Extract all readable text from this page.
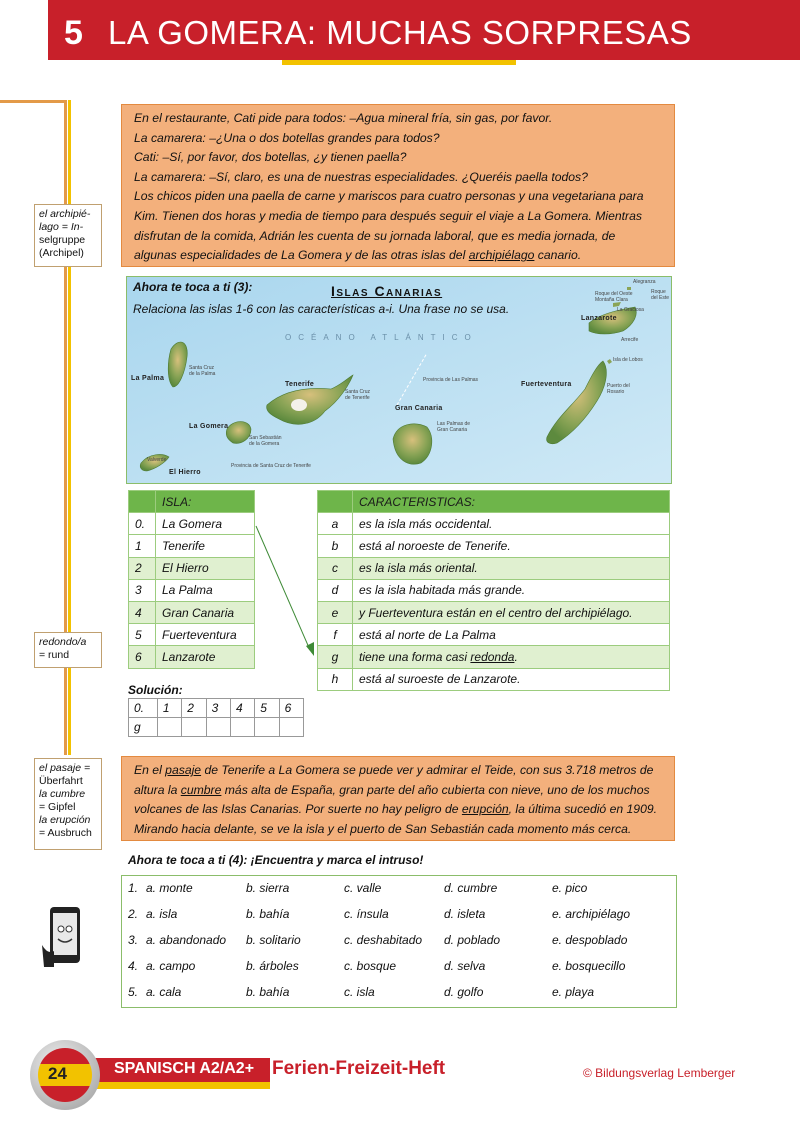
5 LA GOMERA: MUCHAS SORPRESAS
el archipié-
lago = In-
selgruppe
(Archipel)
redondo/a
= rund
el pasaje =
Überfahrt
la cumbre
= Gipfel
la erupción
= Ausbruch
En el restaurante, Cati pide para todos: –Agua mineral fría, sin gas, por favor.
La camarera: –¿Una o dos botellas grandes para todos?
Cati: –Sí, por favor, dos botellas, ¿y tienen paella?
La camarera: –Sí, claro, es una de nuestras especialidades. ¿Queréis paella todos?
Los chicos piden una paella de carne y mariscos para cuatro personas y una vegetariana para
Kim. Tienen dos horas y media de tiempo para después seguir el viaje a La Gomera. Mientras
disfrutan de la comida, Adrián les cuenta de su jornada laboral, que es media jornada, de
algunas especialidades de La Gomera y de las otras islas del archipiélago canario.
Ahora te toca a ti (3):
Relaciona las islas 1-6 con las características a-i. Una frase no se usa.
Islas Canarias
OCÉANO ATLÁNTICO
La Palma
Tenerife
La Gomera
El Hierro
Gran Canaria
Fuerteventura
Lanzarote
Santa Cruz
de la Palma
Santa Cruz
de Tenerife
San Sebastián
de la Gomera
Valverde
Las Palmas de
Gran Canaria
Puerto del
Rosario
Arrecife
Isla de Lobos
Alegranza
Roque del Oeste
Montaña Clara
La Graciosa
Roque
del Este
Provincia de Las Palmas
Provincia de Santa Cruz de Tenerife
	ISLA:
0.	La Gomera
1	Tenerife
2	El Hierro
3	La Palma
4	Gran Canaria
5	Fuerteventura
6	Lanzarote
	CARACTERISTICAS:
a	es la isla más occidental.
b	está al noroeste de Tenerife.
c	es la isla más oriental.
d	es la isla habitada más grande.
e	y Fuerteventura están en el centro del archipiélago.
f	está al norte de La Palma
g	tiene una forma casi redonda.
h	está al suroeste de Lanzarote.
Solución:
0.	1	2	3	4	5	6
g						
En el pasaje de Tenerife a La Gomera se puede ver y admirar el Teide, con sus 3.718 metros de
altura la cumbre más alta de España, gran parte del año cubierta con nieve, uno de los muchos
volcanes de las Islas Canarias. Por suerte no hay peligro de erupción, la última sucedió en 1909.
Mirando hacia delante, se ve la isla y el puerto de San Sebastián cada momento más cerca.
Ahora te toca a ti (4): ¡Encuentra y marca el intruso!
1. a. monte	b. sierra	c. valle	d. cumbre	e. pico
2. a. isla	b. bahía	c. ínsula	d. isleta	e. archipiélago
3. a. abandonado b. solitario	c. deshabitado d. poblado	e. despoblado
4. a. campo	b. árboles	c. bosque	d. selva	e. bosquecillo
5. a. cala	b. bahía	c. isla	d. golfo	e. playa
24	SPANISCH A2/A2+ Ferien-Freizeit-Heft	© Bildungsverlag Lemberger
